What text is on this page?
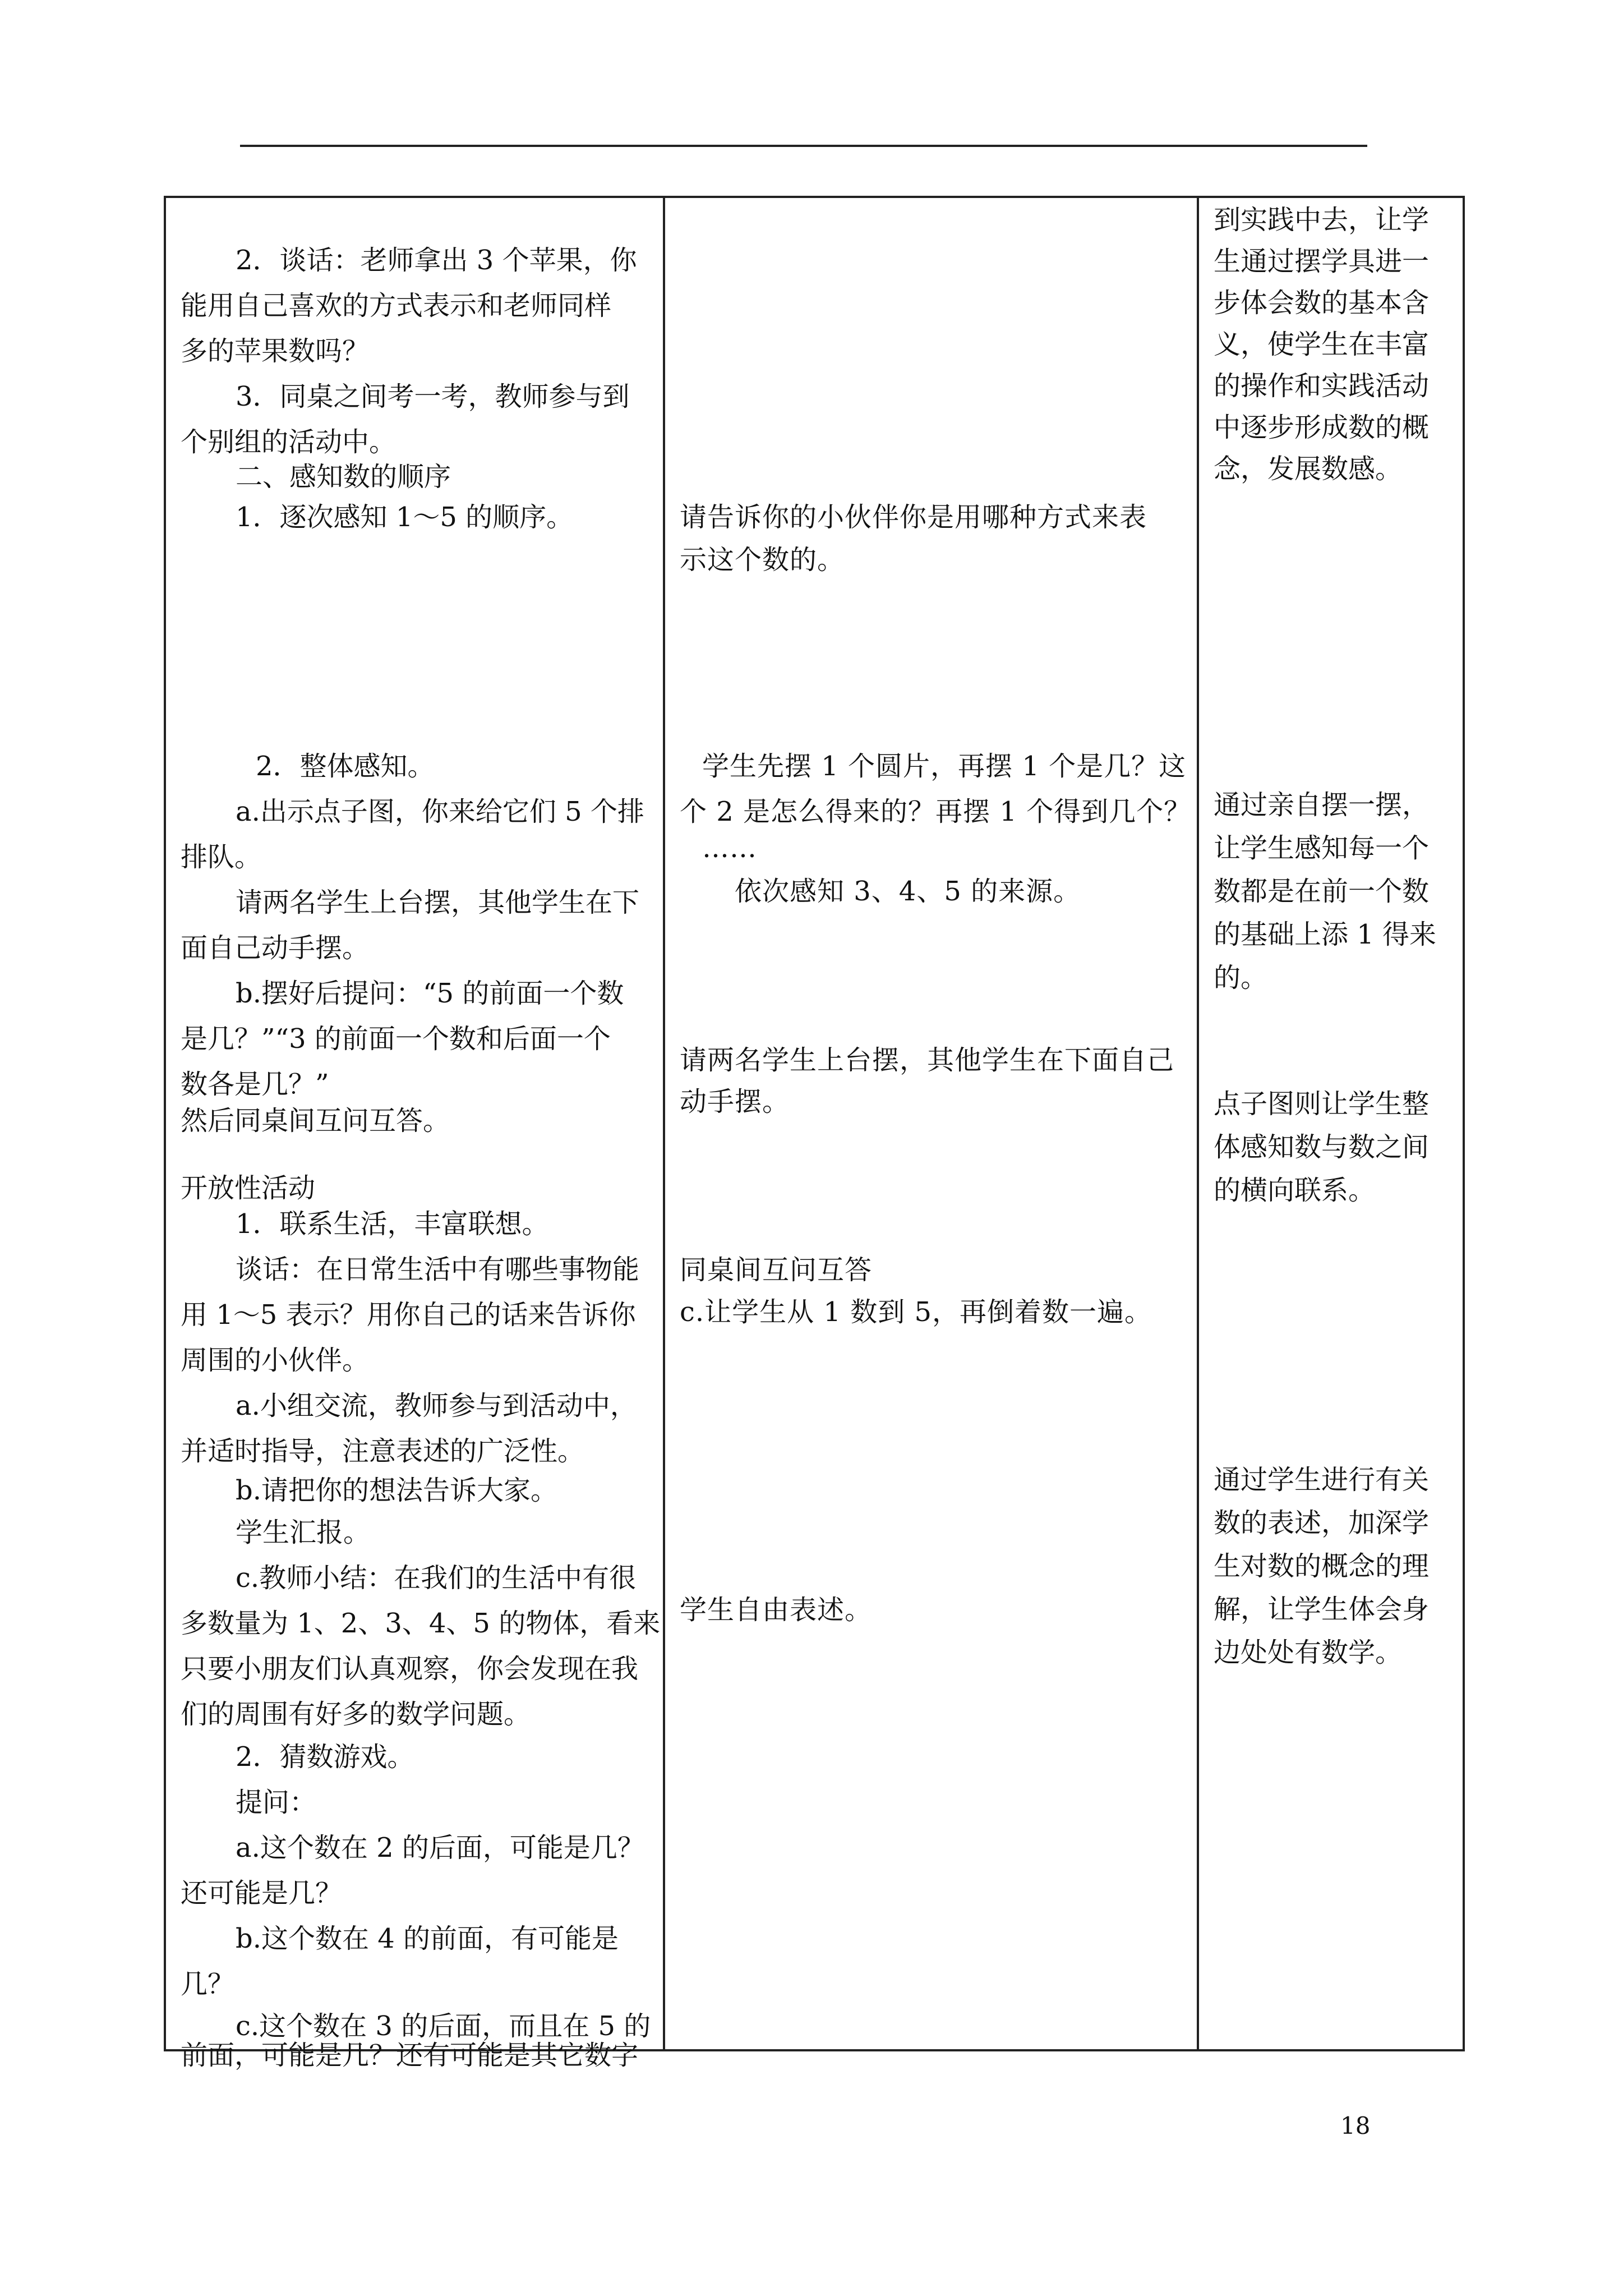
2．谈话：老师拿出 3 个苹果，你
能用自己喜欢的方式表示和老师同样
多的苹果数吗？
3．同桌之间考一考，教师参与到
个别组的活动中。
二、感知数的顺序
1．逐次感知 1～5 的顺序。
2．整体感知。
a.出示点子图，你来给它们 5 个排
排队。
请两名学生上台摆，其他学生在下
面自己动手摆。
b.摆好后提问：“5 的前面一个数
是几？”“3 的前面一个数和后面一个
数各是几？”
然后同桌间互问互答。
开放性活动
1．联系生活，丰富联想。
谈话：在日常生活中有哪些事物能
用 1～5 表示？用你自己的话来告诉你
周围的小伙伴。
a.小组交流，教师参与到活动中，
并适时指导，注意表述的广泛性。
b.请把你的想法告诉大家。
学生汇报。
c.教师小结：在我们的生活中有很
多数量为 1、2、3、4、5 的物体，看来
只要小朋友们认真观察，你会发现在我
们的周围有好多的数学问题。
2．猜数游戏。
提问：
a.这个数在 2 的后面，可能是几？
还可能是几？
b.这个数在 4 的前面，有可能是
几？
c.这个数在 3 的后面，而且在 5 的
前面，可能是几？还有可能是其它数字
请告诉你的小伙伴你是用哪种方式来表
示这个数的。
学生先摆 1 个圆片，再摆 1 个是几？这
个 2 是怎么得来的？再摆 1 个得到几个？
……
依次感知 3、4、5 的来源。
请两名学生上台摆，其他学生在下面自己
动手摆。
同桌间互问互答
c.让学生从 1 数到 5，再倒着数一遍。
学生自由表述。
到实践中去，让学
生通过摆学具进一
步体会数的基本含
义，使学生在丰富
的操作和实践活动
中逐步形成数的概
念，发展数感。
通过亲自摆一摆，
让学生感知每一个
数都是在前一个数
的基础上添 1 得来
的。
点子图则让学生整
体感知数与数之间
的横向联系。
通过学生进行有关
数的表述，加深学
生对数的概念的理
解，让学生体会身
边处处有数学。
18
